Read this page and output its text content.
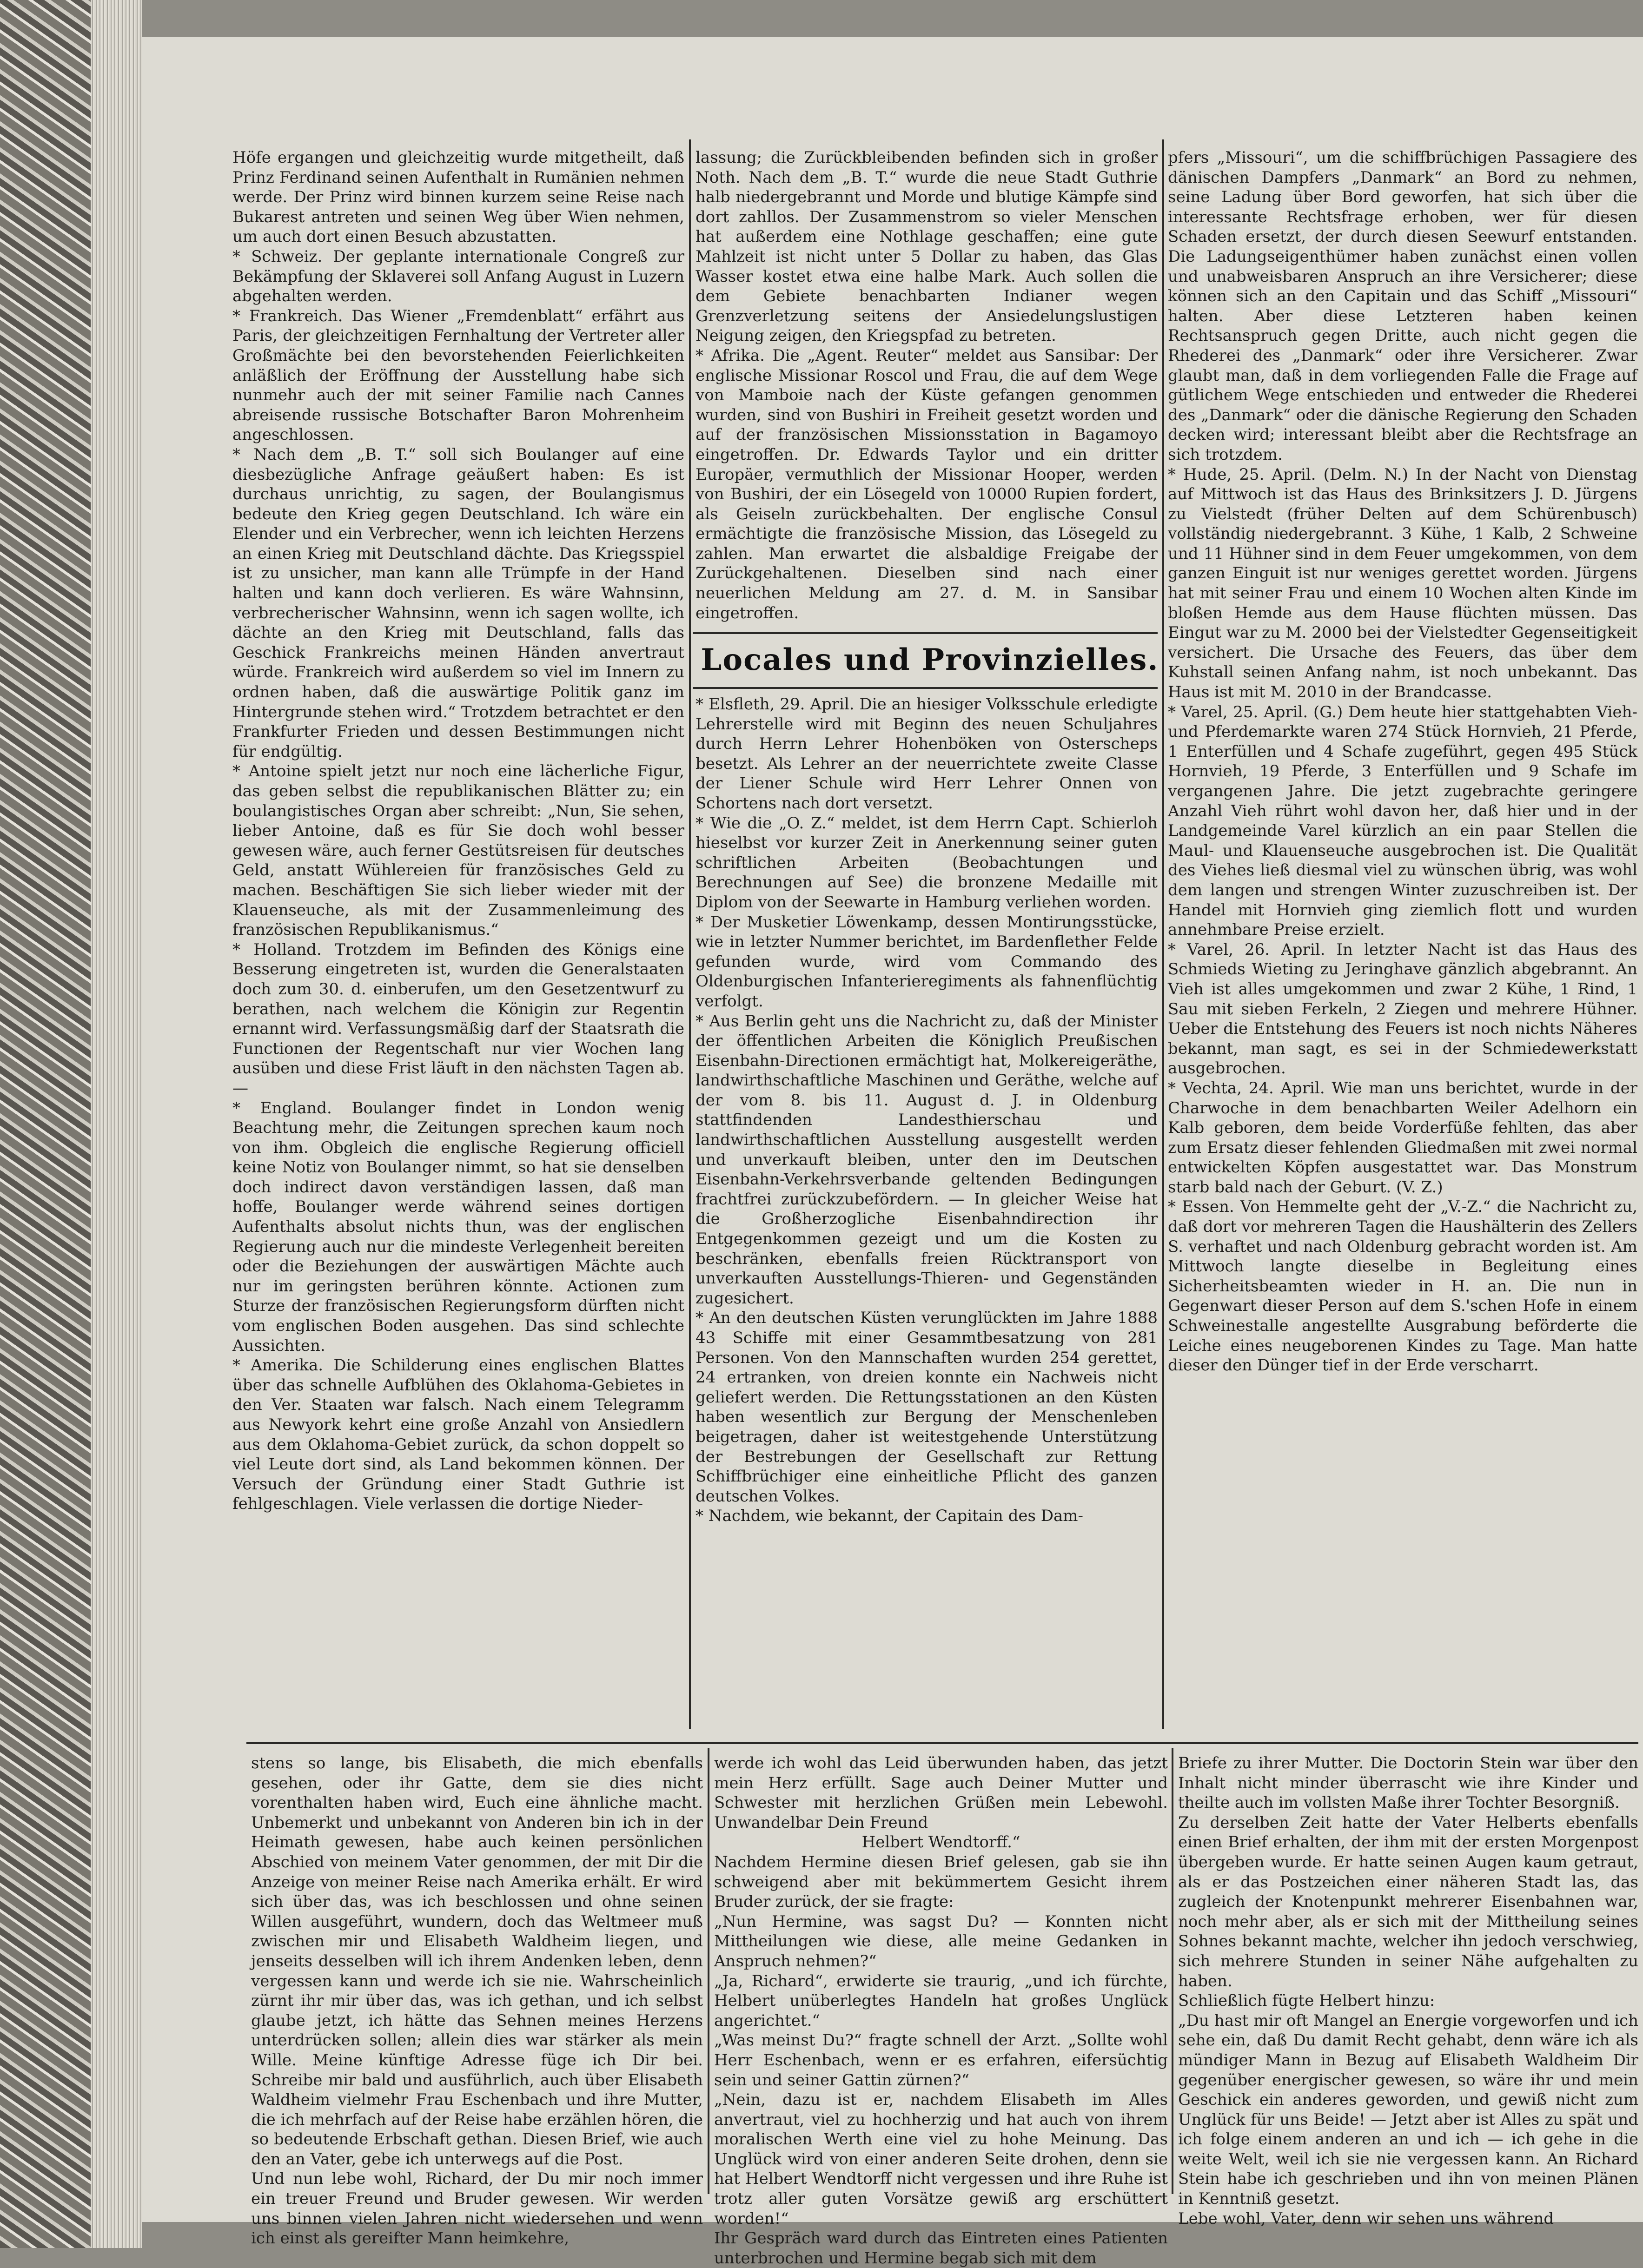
Höfe ergangen und gleichzeitig wurde mitgetheilt, daß Prinz Ferdinand seinen Aufenthalt in Rumänien nehmen werde. Der Prinz wird binnen kurzem seine Reise nach Bukarest antreten und seinen Weg über Wien nehmen, um auch dort einen Besuch abzustatten.

* Schweiz. Der geplante internationale Congreß zur Bekämpfung der Sklaverei soll Anfang August in Luzern abgehalten werden.

* Frankreich. Das Wiener „Fremdenblatt“ erfährt aus Paris, der gleichzeitigen Fernhaltung der Vertreter aller Großmächte bei den bevorstehenden Feierlichkeiten anläßlich der Eröffnung der Ausstellung habe sich nunmehr auch der mit seiner Familie nach Cannes abreisende russische Botschafter Baron Mohrenheim angeschlossen.

* Nach dem „B. T.“ soll sich Boulanger auf eine diesbezügliche Anfrage geäußert haben: Es ist durchaus unrichtig, zu sagen, der Boulangismus bedeute den Krieg gegen Deutschland. Ich wäre ein Elender und ein Verbrecher, wenn ich leichten Herzens an einen Krieg mit Deutschland dächte. Das Kriegsspiel ist zu unsicher, man kann alle Trümpfe in der Hand halten und kann doch verlieren. Es wäre Wahnsinn, verbrecherischer Wahnsinn, wenn ich sagen wollte, ich dächte an den Krieg mit Deutschland, falls das Geschick Frankreichs meinen Händen anvertraut würde. Frankreich wird außerdem so viel im Innern zu ordnen haben, daß die auswärtige Politik ganz im Hintergrunde stehen wird.“ Trotzdem betrachtet er den Frankfurter Frieden und dessen Bestimmungen nicht für endgültig.

* Antoine spielt jetzt nur noch eine lächerliche Figur, das geben selbst die republikanischen Blätter zu; ein boulangistisches Organ aber schreibt: „Nun, Sie sehen, lieber Antoine, daß es für Sie doch wohl besser gewesen wäre, auch ferner Gestütsreisen für deutsches Geld, anstatt Wühlereien für französisches Geld zu machen. Beschäftigen Sie sich lieber wieder mit der Klauenseuche, als mit der Zusammenleimung des französischen Republikanismus.“

* Holland. Trotzdem im Befinden des Königs eine Besserung eingetreten ist, wurden die Generalstaaten doch zum 30. d. einberufen, um den Gesetzentwurf zu berathen, nach welchem die Königin zur Regentin ernannt wird. Verfassungsmäßig darf der Staatsrath die Functionen der Regentschaft nur vier Wochen lang ausüben und diese Frist läuft in den nächsten Tagen ab. —

* England. Boulanger findet in London wenig Beachtung mehr, die Zeitungen sprechen kaum noch von ihm. Obgleich die englische Regierung officiell keine Notiz von Boulanger nimmt, so hat sie denselben doch indirect davon verständigen lassen, daß man hoffe, Boulanger werde während seines dortigen Aufenthalts absolut nichts thun, was der englischen Regierung auch nur die mindeste Verlegenheit bereiten oder die Beziehungen der auswärtigen Mächte auch nur im geringsten berühren könnte. Actionen zum Sturze der französischen Regierungsform dürften nicht vom englischen Boden ausgehen. Das sind schlechte Aussichten.

* Amerika. Die Schilderung eines englischen Blattes über das schnelle Aufblühen des Oklahoma-Gebietes in den Ver. Staaten war falsch. Nach einem Telegramm aus Newyork kehrt eine große Anzahl von Ansiedlern aus dem Oklahoma-Gebiet zurück, da schon doppelt so viel Leute dort sind, als Land bekommen können. Der Versuch der Gründung einer Stadt Guthrie ist fehlgeschlagen. Viele verlassen die dortige Nieder-

lassung; die Zurückbleibenden befinden sich in großer Noth. Nach dem „B. T.“ wurde die neue Stadt Guthrie halb niedergebrannt und Morde und blutige Kämpfe sind dort zahllos. Der Zusammenstrom so vieler Menschen hat außerdem eine Nothlage geschaffen; eine gute Mahlzeit ist nicht unter 5 Dollar zu haben, das Glas Wasser kostet etwa eine halbe Mark. Auch sollen die dem Gebiete benachbarten Indianer wegen Grenzverletzung seitens der Ansiedelungslustigen Neigung zeigen, den Kriegspfad zu betreten.

* Afrika. Die „Agent. Reuter“ meldet aus Sansibar: Der englische Missionar Roscol und Frau, die auf dem Wege von Mamboie nach der Küste gefangen genommen wurden, sind von Bushiri in Freiheit gesetzt worden und auf der französischen Missionsstation in Bagamoyo eingetroffen. Dr. Edwards Taylor und ein dritter Europäer, vermuthlich der Missionar Hooper, werden von Bushiri, der ein Lösegeld von 10000 Rupien fordert, als Geiseln zurückbehalten. Der englische Consul ermächtigte die französische Mission, das Lösegeld zu zahlen. Man erwartet die alsbaldige Freigabe der Zurückgehaltenen. Dieselben sind nach einer neuerlichen Meldung am 27. d. M. in Sansibar eingetroffen.

Locales und Provinzielles.

* Elsfleth, 29. April. Die an hiesiger Volksschule erledigte Lehrerstelle wird mit Beginn des neuen Schuljahres durch Herrn Lehrer Hohenböken von Osterscheps besetzt. Als Lehrer an der neuerrichtete zweite Classe der Liener Schule wird Herr Lehrer Onnen von Schortens nach dort versetzt.

* Wie die „O. Z.“ meldet, ist dem Herrn Capt. Schierloh hieselbst vor kurzer Zeit in Anerkennung seiner guten schriftlichen Arbeiten (Beobachtungen und Berechnungen auf See) die bronzene Medaille mit Diplom von der Seewarte in Hamburg verliehen worden.

* Der Musketier Löwenkamp, dessen Montirungsstücke, wie in letzter Nummer berichtet, im Bardenflether Felde gefunden wurde, wird vom Commando des Oldenburgischen Infanterieregiments als fahnenflüchtig verfolgt.

* Aus Berlin geht uns die Nachricht zu, daß der Minister der öffentlichen Arbeiten die Königlich Preußischen Eisenbahn-Directionen ermächtigt hat, Molkereigeräthe, landwirthschaftliche Maschinen und Geräthe, welche auf der vom 8. bis 11. August d. J. in Oldenburg stattfindenden Landesthierschau und landwirthschaftlichen Ausstellung ausgestellt werden und unverkauft bleiben, unter den im Deutschen Eisenbahn-Verkehrsverbande geltenden Bedingungen frachtfrei zurückzubefördern. — In gleicher Weise hat die Großherzogliche Eisenbahndirection ihr Entgegenkommen gezeigt und um die Kosten zu beschränken, ebenfalls freien Rücktransport von unverkauften Ausstellungs-Thieren- und Gegenständen zugesichert.

* An den deutschen Küsten verunglückten im Jahre 1888 43 Schiffe mit einer Gesammtbesatzung von 281 Personen. Von den Mannschaften wurden 254 gerettet, 24 ertranken, von dreien konnte ein Nachweis nicht geliefert werden. Die Rettungsstationen an den Küsten haben wesentlich zur Bergung der Menschenleben beigetragen, daher ist weitestgehende Unterstützung der Bestrebungen der Gesellschaft zur Rettung Schiffbrüchiger eine einheitliche Pflicht des ganzen deutschen Volkes.

* Nachdem, wie bekannt, der Capitain des Dam-

pfers „Missouri“, um die schiffbrüchigen Passagiere des dänischen Dampfers „Danmark“ an Bord zu nehmen, seine Ladung über Bord geworfen, hat sich über die interessante Rechtsfrage erhoben, wer für diesen Schaden ersetzt, der durch diesen Seewurf entstanden. Die Ladungseigenthümer haben zunächst einen vollen und unabweisbaren Anspruch an ihre Versicherer; diese können sich an den Capitain und das Schiff „Missouri“ halten. Aber diese Letzteren haben keinen Rechtsanspruch gegen Dritte, auch nicht gegen die Rhederei des „Danmark“ oder ihre Versicherer. Zwar glaubt man, daß in dem vorliegenden Falle die Frage auf gütlichem Wege entschieden und entweder die Rhederei des „Danmark“ oder die dänische Regierung den Schaden decken wird; interessant bleibt aber die Rechtsfrage an sich trotzdem.

* Hude, 25. April. (Delm. N.) In der Nacht von Dienstag auf Mittwoch ist das Haus des Brinksitzers J. D. Jürgens zu Vielstedt (früher Delten auf dem Schürenbusch) vollständig niedergebrannt. 3 Kühe, 1 Kalb, 2 Schweine und 11 Hühner sind in dem Feuer umgekommen, von dem ganzen Einguit ist nur weniges gerettet worden. Jürgens hat mit seiner Frau und einem 10 Wochen alten Kinde im bloßen Hemde aus dem Hause flüchten müssen. Das Eingut war zu M. 2000 bei der Vielstedter Gegenseitigkeit versichert. Die Ursache des Feuers, das über dem Kuhstall seinen Anfang nahm, ist noch unbekannt. Das Haus ist mit M. 2010 in der Brandcasse.

* Varel, 25. April. (G.) Dem heute hier stattgehabten Vieh- und Pferdemarkte waren 274 Stück Hornvieh, 21 Pferde, 1 Enterfüllen und 4 Schafe zugeführt, gegen 495 Stück Hornvieh, 19 Pferde, 3 Enterfüllen und 9 Schafe im vergangenen Jahre. Die jetzt zugebrachte geringere Anzahl Vieh rührt wohl davon her, daß hier und in der Landgemeinde Varel kürzlich an ein paar Stellen die Maul- und Klauenseuche ausgebrochen ist. Die Qualität des Viehes ließ diesmal viel zu wünschen übrig, was wohl dem langen und strengen Winter zuzuschreiben ist. Der Handel mit Hornvieh ging ziemlich flott und wurden annehmbare Preise erzielt.

* Varel, 26. April. In letzter Nacht ist das Haus des Schmieds Wieting zu Jeringhave gänzlich abgebrannt. An Vieh ist alles umgekommen und zwar 2 Kühe, 1 Rind, 1 Sau mit sieben Ferkeln, 2 Ziegen und mehrere Hühner. Ueber die Entstehung des Feuers ist noch nichts Näheres bekannt, man sagt, es sei in der Schmiedewerkstatt ausgebrochen.

* Vechta, 24. April. Wie man uns berichtet, wurde in der Charwoche in dem benachbarten Weiler Adelhorn ein Kalb geboren, dem beide Vorderfüße fehlten, das aber zum Ersatz dieser fehlenden Gliedmaßen mit zwei normal entwickelten Köpfen ausgestattet war. Das Monstrum starb bald nach der Geburt. (V. Z.)

* Essen. Von Hemmelte geht der „V.-Z.“ die Nachricht zu, daß dort vor mehreren Tagen die Haushälterin des Zellers S. verhaftet und nach Oldenburg gebracht worden ist. Am Mittwoch langte dieselbe in Begleitung eines Sicherheitsbeamten wieder in H. an. Die nun in Gegenwart dieser Person auf dem S.'schen Hofe in einem Schweinestalle angestellte Ausgrabung beförderte die Leiche eines neugeborenen Kindes zu Tage. Man hatte dieser den Dünger tief in der Erde verscharrt.

stens so lange, bis Elisabeth, die mich ebenfalls gesehen, oder ihr Gatte, dem sie dies nicht vorenthalten haben wird, Euch eine ähnliche macht. Unbemerkt und unbekannt von Anderen bin ich in der Heimath gewesen, habe auch keinen persönlichen Abschied von meinem Vater genommen, der mit Dir die Anzeige von meiner Reise nach Amerika erhält. Er wird sich über das, was ich beschlossen und ohne seinen Willen ausgeführt, wundern, doch das Weltmeer muß zwischen mir und Elisabeth Waldheim liegen, und jenseits desselben will ich ihrem Andenken leben, denn vergessen kann und werde ich sie nie. Wahrscheinlich zürnt ihr mir über das, was ich gethan, und ich selbst glaube jetzt, ich hätte das Sehnen meines Herzens unterdrücken sollen; allein dies war stärker als mein Wille. Meine künftige Adresse füge ich Dir bei. Schreibe mir bald und ausführlich, auch über Elisabeth Waldheim vielmehr Frau Eschenbach und ihre Mutter, die ich mehrfach auf der Reise habe erzählen hören, die so bedeutende Erbschaft gethan. Diesen Brief, wie auch den an Vater, gebe ich unterwegs auf die Post.

Und nun lebe wohl, Richard, der Du mir noch immer ein treuer Freund und Bruder gewesen. Wir werden uns binnen vielen Jahren nicht wiedersehen und wenn ich einst als gereifter Mann heimkehre,

werde ich wohl das Leid überwunden haben, das jetzt mein Herz erfüllt. Sage auch Deiner Mutter und Schwester mit herzlichen Grüßen mein Lebewohl. Unwandelbar Dein Freund

Helbert Wendtorff.“

Nachdem Hermine diesen Brief gelesen, gab sie ihn schweigend aber mit bekümmertem Gesicht ihrem Bruder zurück, der sie fragte:

„Nun Hermine, was sagst Du? — Konnten nicht Mittheilungen wie diese, alle meine Gedanken in Anspruch nehmen?“

„Ja, Richard“, erwiderte sie traurig, „und ich fürchte, Helbert unüberlegtes Handeln hat großes Unglück angerichtet.“

„Was meinst Du?“ fragte schnell der Arzt. „Sollte wohl Herr Eschenbach, wenn er es erfahren, eifersüchtig sein und seiner Gattin zürnen?“

„Nein, dazu ist er, nachdem Elisabeth im Alles anvertraut, viel zu hochherzig und hat auch von ihrem moralischen Werth eine viel zu hohe Meinung. Das Unglück wird von einer anderen Seite drohen, denn sie hat Helbert Wendtorff nicht vergessen und ihre Ruhe ist trotz aller guten Vorsätze gewiß arg erschüttert worden!“

Ihr Gespräch ward durch das Eintreten eines Patienten unterbrochen und Hermine begab sich mit dem

Briefe zu ihrer Mutter. Die Doctorin Stein war über den Inhalt nicht minder überrascht wie ihre Kinder und theilte auch im vollsten Maße ihrer Tochter Besorgniß.

Zu derselben Zeit hatte der Vater Helberts ebenfalls einen Brief erhalten, der ihm mit der ersten Morgenpost übergeben wurde. Er hatte seinen Augen kaum getraut, als er das Postzeichen einer näheren Stadt las, das zugleich der Knotenpunkt mehrerer Eisenbahnen war, noch mehr aber, als er sich mit der Mittheilung seines Sohnes bekannt machte, welcher ihn jedoch verschwieg, sich mehrere Stunden in seiner Nähe aufgehalten zu haben.

Schließlich fügte Helbert hinzu:

„Du hast mir oft Mangel an Energie vorgeworfen und ich sehe ein, daß Du damit Recht gehabt, denn wäre ich als mündiger Mann in Bezug auf Elisabeth Waldheim Dir gegenüber energischer gewesen, so wäre ihr und mein Geschick ein anderes geworden, und gewiß nicht zum Unglück für uns Beide! — Jetzt aber ist Alles zu spät und ich folge einem anderen an und ich — ich gehe in die weite Welt, weil ich sie nie vergessen kann. An Richard Stein habe ich geschrieben und ihn von meinen Plänen in Kenntniß gesetzt.

Lebe wohl, Vater, denn wir sehen uns während
